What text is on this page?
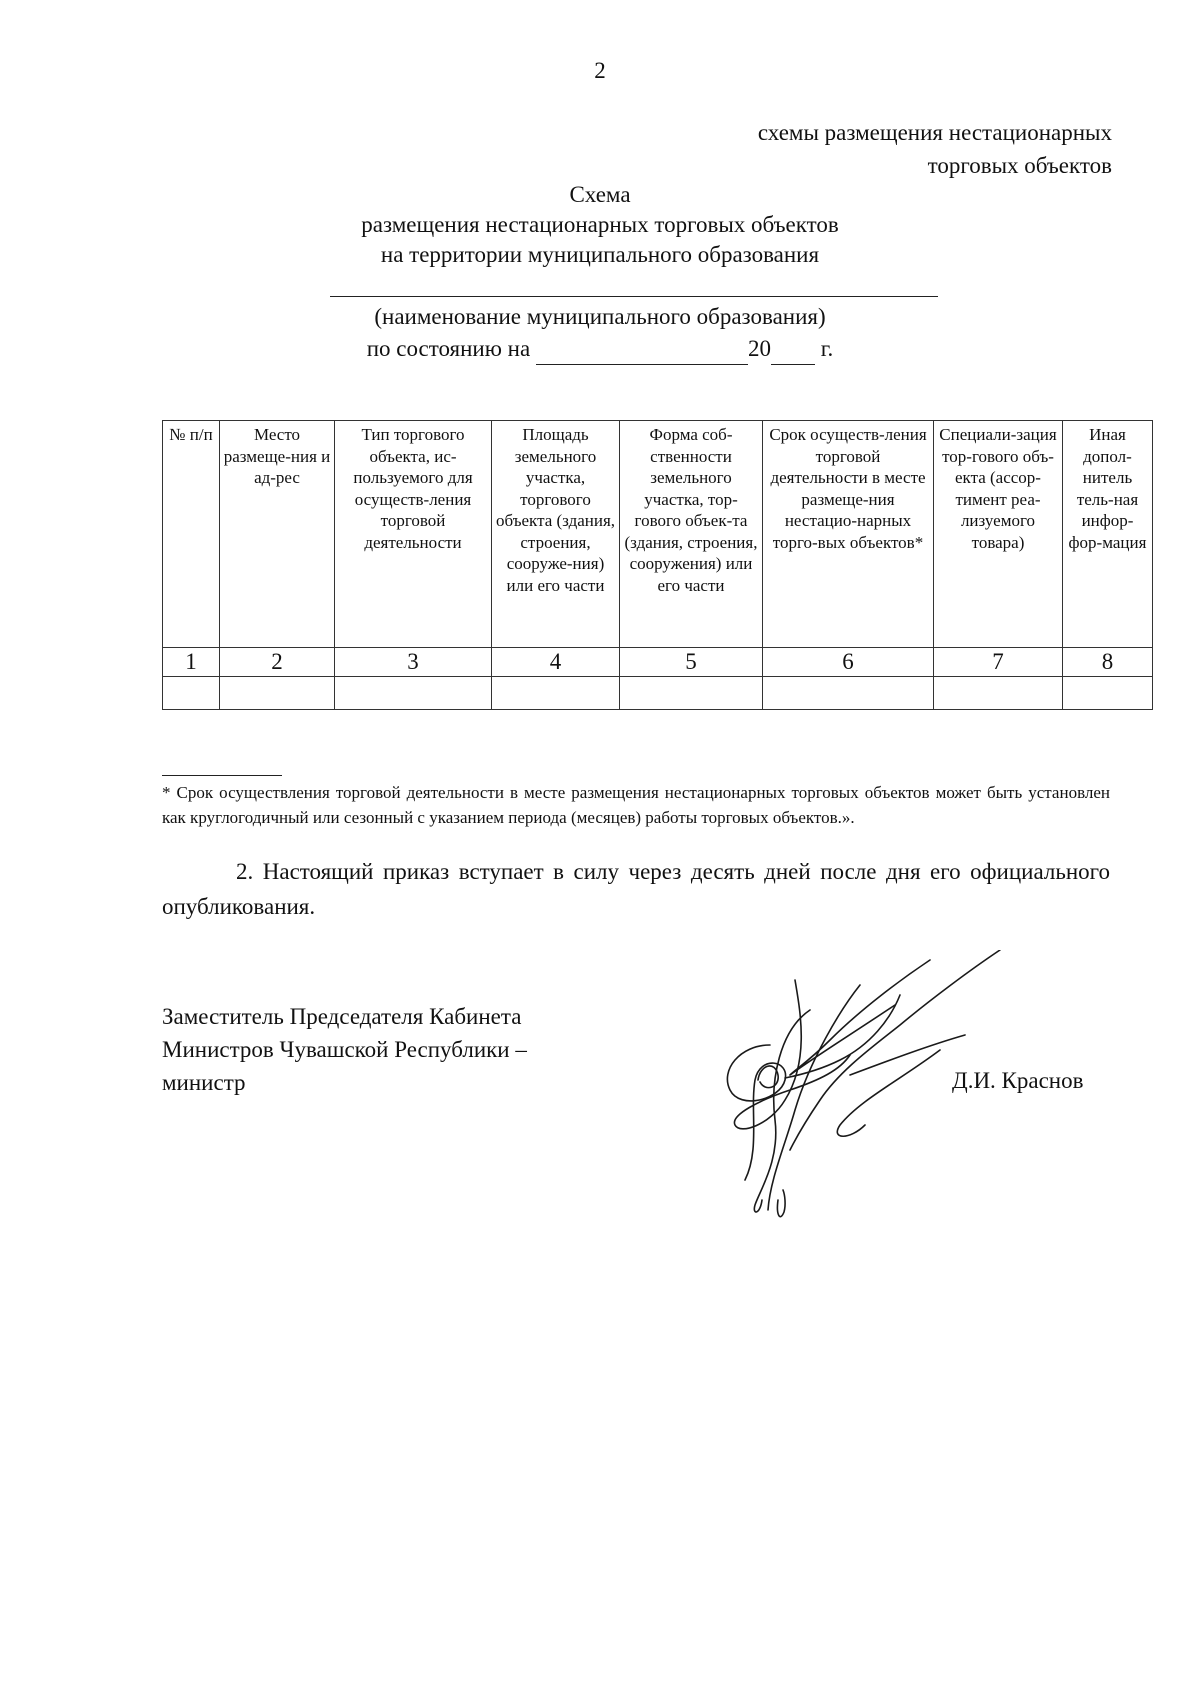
2
схемы размещения нестационарных
торговых объектов
Схема
размещения нестационарных торговых объектов
на территории муниципального образования
(наименование муниципального образования)
по состоянию на	20 г.
№ п/п	Место размеще-ния и ад-рес	Тип торгового объекта, ис-пользуемого для осуществ-ления торговой деятельности	Площадь земельного участка, торгового объекта (здания, строения, сооруже-ния) или его части	Форма соб-ственности земельного участка, тор-гового объек-та (здания, строения, сооружения) или его части	Срок осуществ-ления торговой деятельности в месте размеще-ния нестацио-нарных торго-вых объектов*	Специали-зация тор-гового объ-екта (ассор-тимент реа-лизуемого товара)	Иная допол-нитель тель-ная инфор-фор-мация
1	2	3	4	5	6	7	8

* Срок осуществления торговой деятельности в месте размещения нестационарных торговых объектов может быть установлен как круглогодичный или сезонный с указанием периода (месяцев) работы торговых объектов.».
2. Настоящий приказ вступает в силу через десять дней после дня его официального опубликования.
Заместитель Председателя Кабинета
Министров Чувашской Республики –
министр	Д.И. Краснов
